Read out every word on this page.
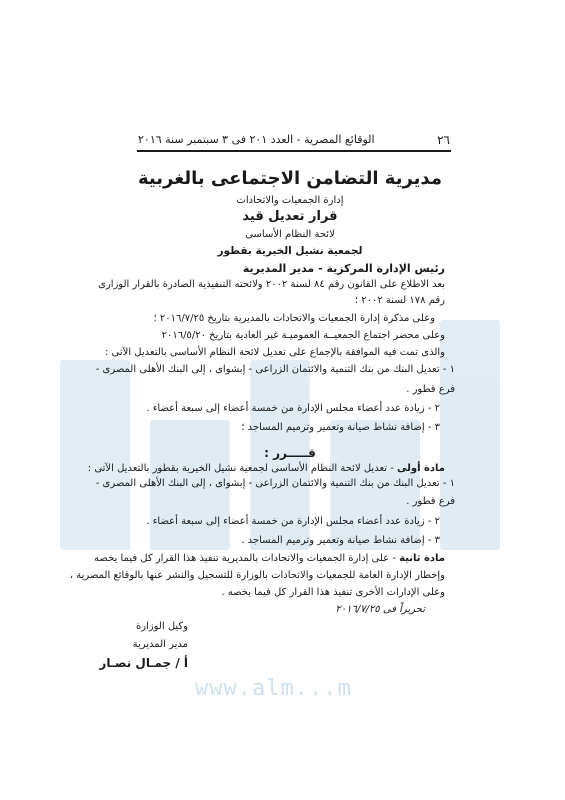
www.alm...m
٢٦
الوقائع المصرية - العدد ٢٠١ فى ٣ سبتمبر سنة ٢٠١٦
مديرية التضامن الاجتماعى بالغربية
إدارة الجمعيات والاتحادات
قرار تعديل قيد
لائحة النظام الأساسى
لجمعية نشيل الخيرية بقطور
رئيس الإدارة المركزية - مدير المديرية
بعد الاطلاع على القانون رقم ٨٤ لسنة ٢٠٠٢ ولائحته التنفيذية الصادرة بالقرار الوزارى
رقم ١٧٨ لسنة ٢٠٠٢ ؛
وعلى مذكرة إدارة الجمعيات والاتحادات بالمديرية بتاريخ ٢٠١٦/٧/٢٥ ؛
وعلى محضر اجتماع الجمعيــة العموميـة غير العادية بتاريخ ٢٠١٦/٥/٢٠
والذى تمت فيه الموافقة بالإجماع على تعديل لائحة النظام الأساسى بالتعديل الآتى :
١ - تعديل البنك من بنك التنمية والائتمان الزراعى - إبشواى ، إلى البنك الأهلى المصرى -
فرع قطور .
٢ - زيادة عدد أعضاء مجلس الإدارة من خمسة أعضاء إلى سبعة أعضاء .
٣ - إضافة نشاط صيانة وتعمير وترميم المساجد ؛
قـــــرر :
مادة أولى - تعديل لائحة النظام الأساسى لجمعية نشيل الخيرية بقطور بالتعديل الآتى :
١ - تعديل البنك من بنك التنمية والائتمان الزراعى - إبشواى ، إلى البنك الأهلى المصرى -
فرع قطور .
٢ - زيادة عدد أعضاء مجلس الإدارة من خمسة أعضاء إلى سبعة أعضاء .
٣ - إضافة نشاط صيانة وتعمير وترميم المساجد .
مادة ثانية - على إدارة الجمعيات والاتحادات بالمديرية تنفيذ هذا القرار كل فيما يخصه
وإخطار الإدارة العامة للجمعيات والاتحادات بالوزارة للتسجيل والنشر عنها بالوقائع المصرية ،
وعلى الإدارات الأخرى تنفيذ هذا القرار كل فيما يخصه .
تحريراً فى ٢٠١٦/٧/٢٥
وكيل الوزارة
مدير المديرية
أ / جمـال نصـار
